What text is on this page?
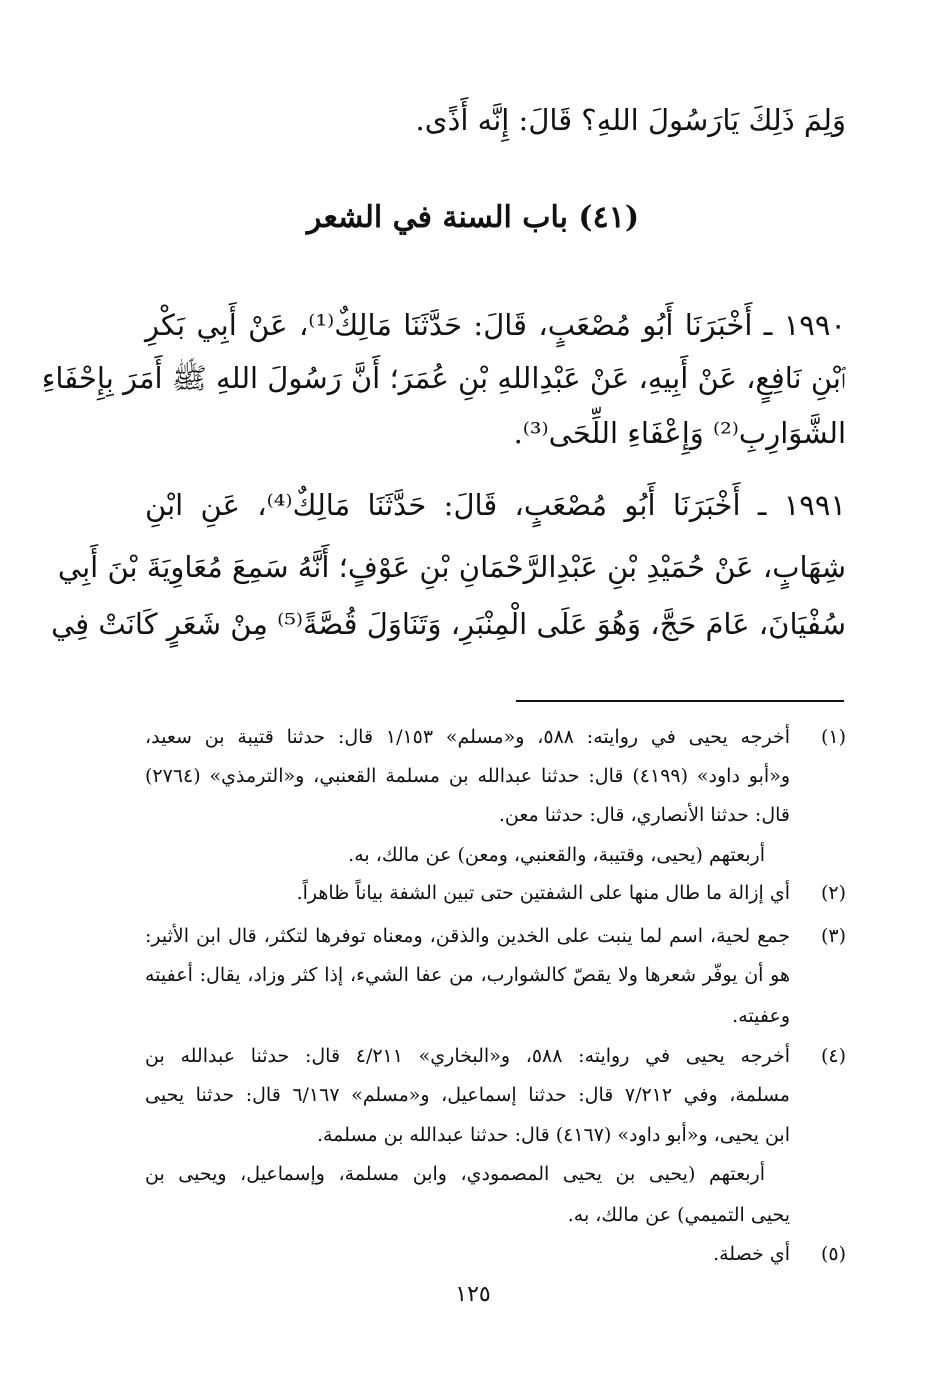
وَلِمَ ذَلِكَ يَارَسُولَ اللهِ؟ قَالَ: إِنَّه أَذًى.
(٤١) باب السنة في الشعر
١٩٩٠ ـ أَخْبَرَنَا أَبُو مُصْعَبٍ، قَالَ: حَدَّثَنَا مَالِكٌ⁽¹⁾، عَنْ أَبِي بَكْرِ
ٱبْنِ نَافِعٍ، عَنْ أَبِيهِ، عَنْ عَبْدِاللهِ بْنِ عُمَرَ؛ أَنَّ رَسُولَ اللهِ ﷺ أَمَرَ بِإِحْفَاءِ
الشَّوَارِبِ⁽²⁾ وَإِعْفَاءِ اللِّحَى⁽³⁾.
١٩٩١ ـ أَخْبَرَنَا أَبُو مُصْعَبٍ، قَالَ: حَدَّثَنَا مَالِكٌ⁽⁴⁾، عَنِ ابْنِ
شِهَابٍ، عَنْ حُمَيْدِ بْنِ عَبْدِالرَّحْمَانِ بْنِ عَوْفٍ؛ أَنَّهُ سَمِعَ مُعَاوِيَةَ بْنَ أَبِي
سُفْيَانَ، عَامَ حَجَّ، وَهُوَ عَلَى الْمِنْبَرِ، وَتَنَاوَلَ قُصَّةً⁽⁵⁾ مِنْ شَعَرٍ كَانَتْ فِي
(١)
أخرجه يحيى في روايته: ٥٨٨، و«مسلم» ١/١٥٣ قال: حدثنا قتيبة بن سعيد،
و«أبو داود» (٤١٩٩) قال: حدثنا عبدالله بن مسلمة القعنبي، و«الترمذي» (٢٧٦٤)
قال: حدثنا الأنصاري، قال: حدثنا معن.
أربعتهم (يحيى، وقتيبة، والقعنبي، ومعن) عن مالك، به.
(٢)
أي إزالة ما طال منها على الشفتين حتى تبين الشفة بياناً ظاهراً.
(٣)
جمع لحية، اسم لما ينبت على الخدين والذقن، ومعناه توفرها لتكثر، قال ابن الأثير:
هو أن يوفّر شعرها ولا يقصّ كالشوارب، من عفا الشيء، إذا كثر وزاد، يقال: أعفيته
وعفيته.
(٤)
أخرجه يحيى في روايته: ٥٨٨، و«البخاري» ٤/٢١١ قال: حدثنا عبدالله بن
مسلمة، وفي ٧/٢١٢ قال: حدثنا إسماعيل، و«مسلم» ٦/١٦٧ قال: حدثنا يحيى
ابن يحيى، و«أبو داود» (٤١٦٧) قال: حدثنا عبدالله بن مسلمة.
أربعتهم (يحيى بن يحيى المصمودي، وابن مسلمة، وإسماعيل، ويحيى بن
يحيى التميمي) عن مالك، به.
(٥)
أي خصلة.
١٢٥
